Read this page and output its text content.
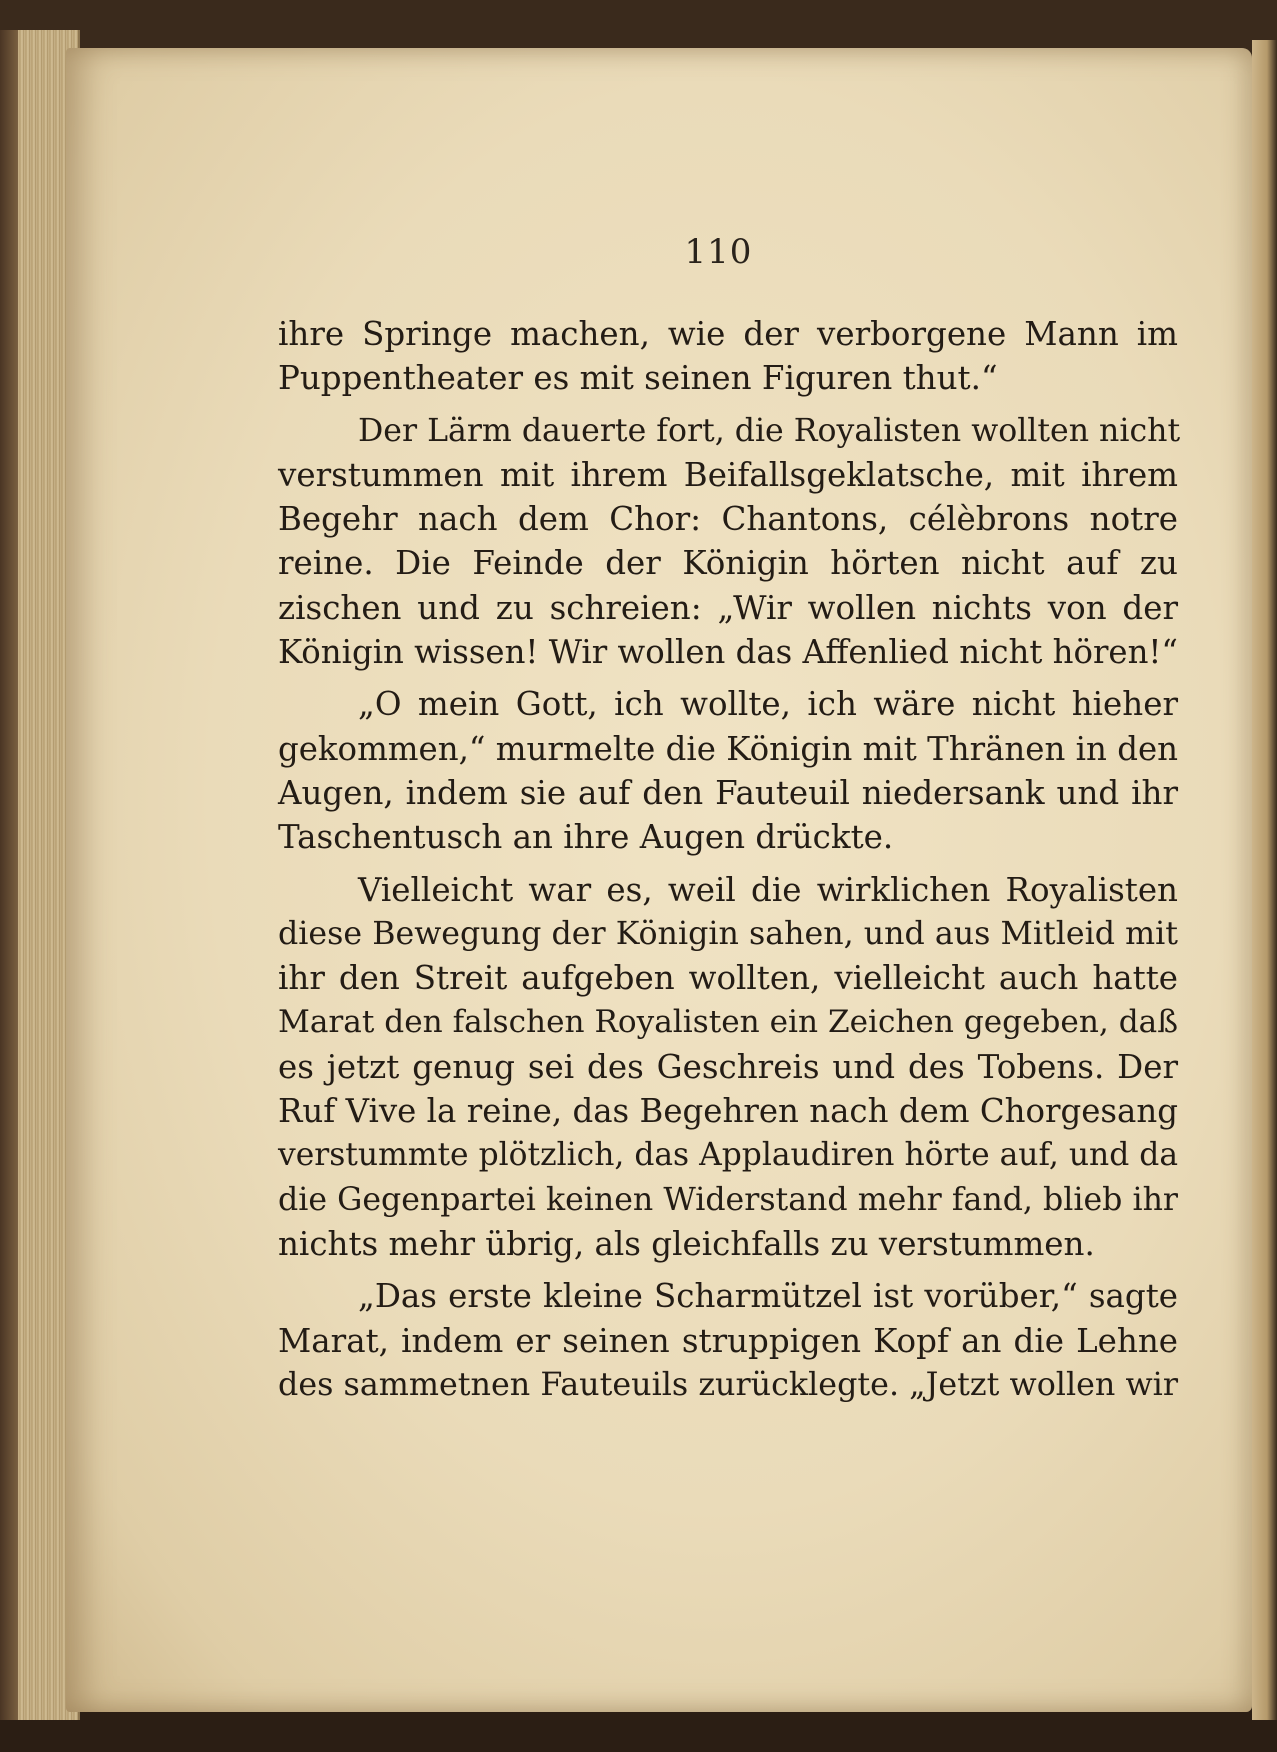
110

ihre Springe machen, wie der verborgene Mann im
Puppentheater es mit seinen Figuren thut.“

Der Lärm dauerte fort, die Royalisten wollten nicht
verstummen mit ihrem Beifallsgeklatsche, mit ihrem
Begehr nach dem Chor: Chantons, célèbrons notre
reine. Die Feinde der Königin hörten nicht auf zu
zischen und zu schreien: „Wir wollen nichts von der
Königin wissen! Wir wollen das Affenlied nicht hören!“

„O mein Gott, ich wollte, ich wäre nicht hieher
gekommen,“ murmelte die Königin mit Thränen in den
Augen, indem sie auf den Fauteuil niedersank und ihr
Taschentusch an ihre Augen drückte.

Vielleicht war es, weil die wirklichen Royalisten
diese Bewegung der Königin sahen, und aus Mitleid mit
ihr den Streit aufgeben wollten, vielleicht auch hatte
Marat den falschen Royalisten ein Zeichen gegeben, daß
es jetzt genug sei des Geschreis und des Tobens. Der
Ruf Vive la reine, das Begehren nach dem Chorgesang
verstummte plötzlich, das Applaudiren hörte auf, und da
die Gegenpartei keinen Widerstand mehr fand, blieb ihr
nichts mehr übrig, als gleichfalls zu verstummen.

„Das erste kleine Scharmützel ist vorüber,“ sagte
Marat, indem er seinen struppigen Kopf an die Lehne
des sammetnen Fauteuils zurücklegte. „Jetzt wollen wir
